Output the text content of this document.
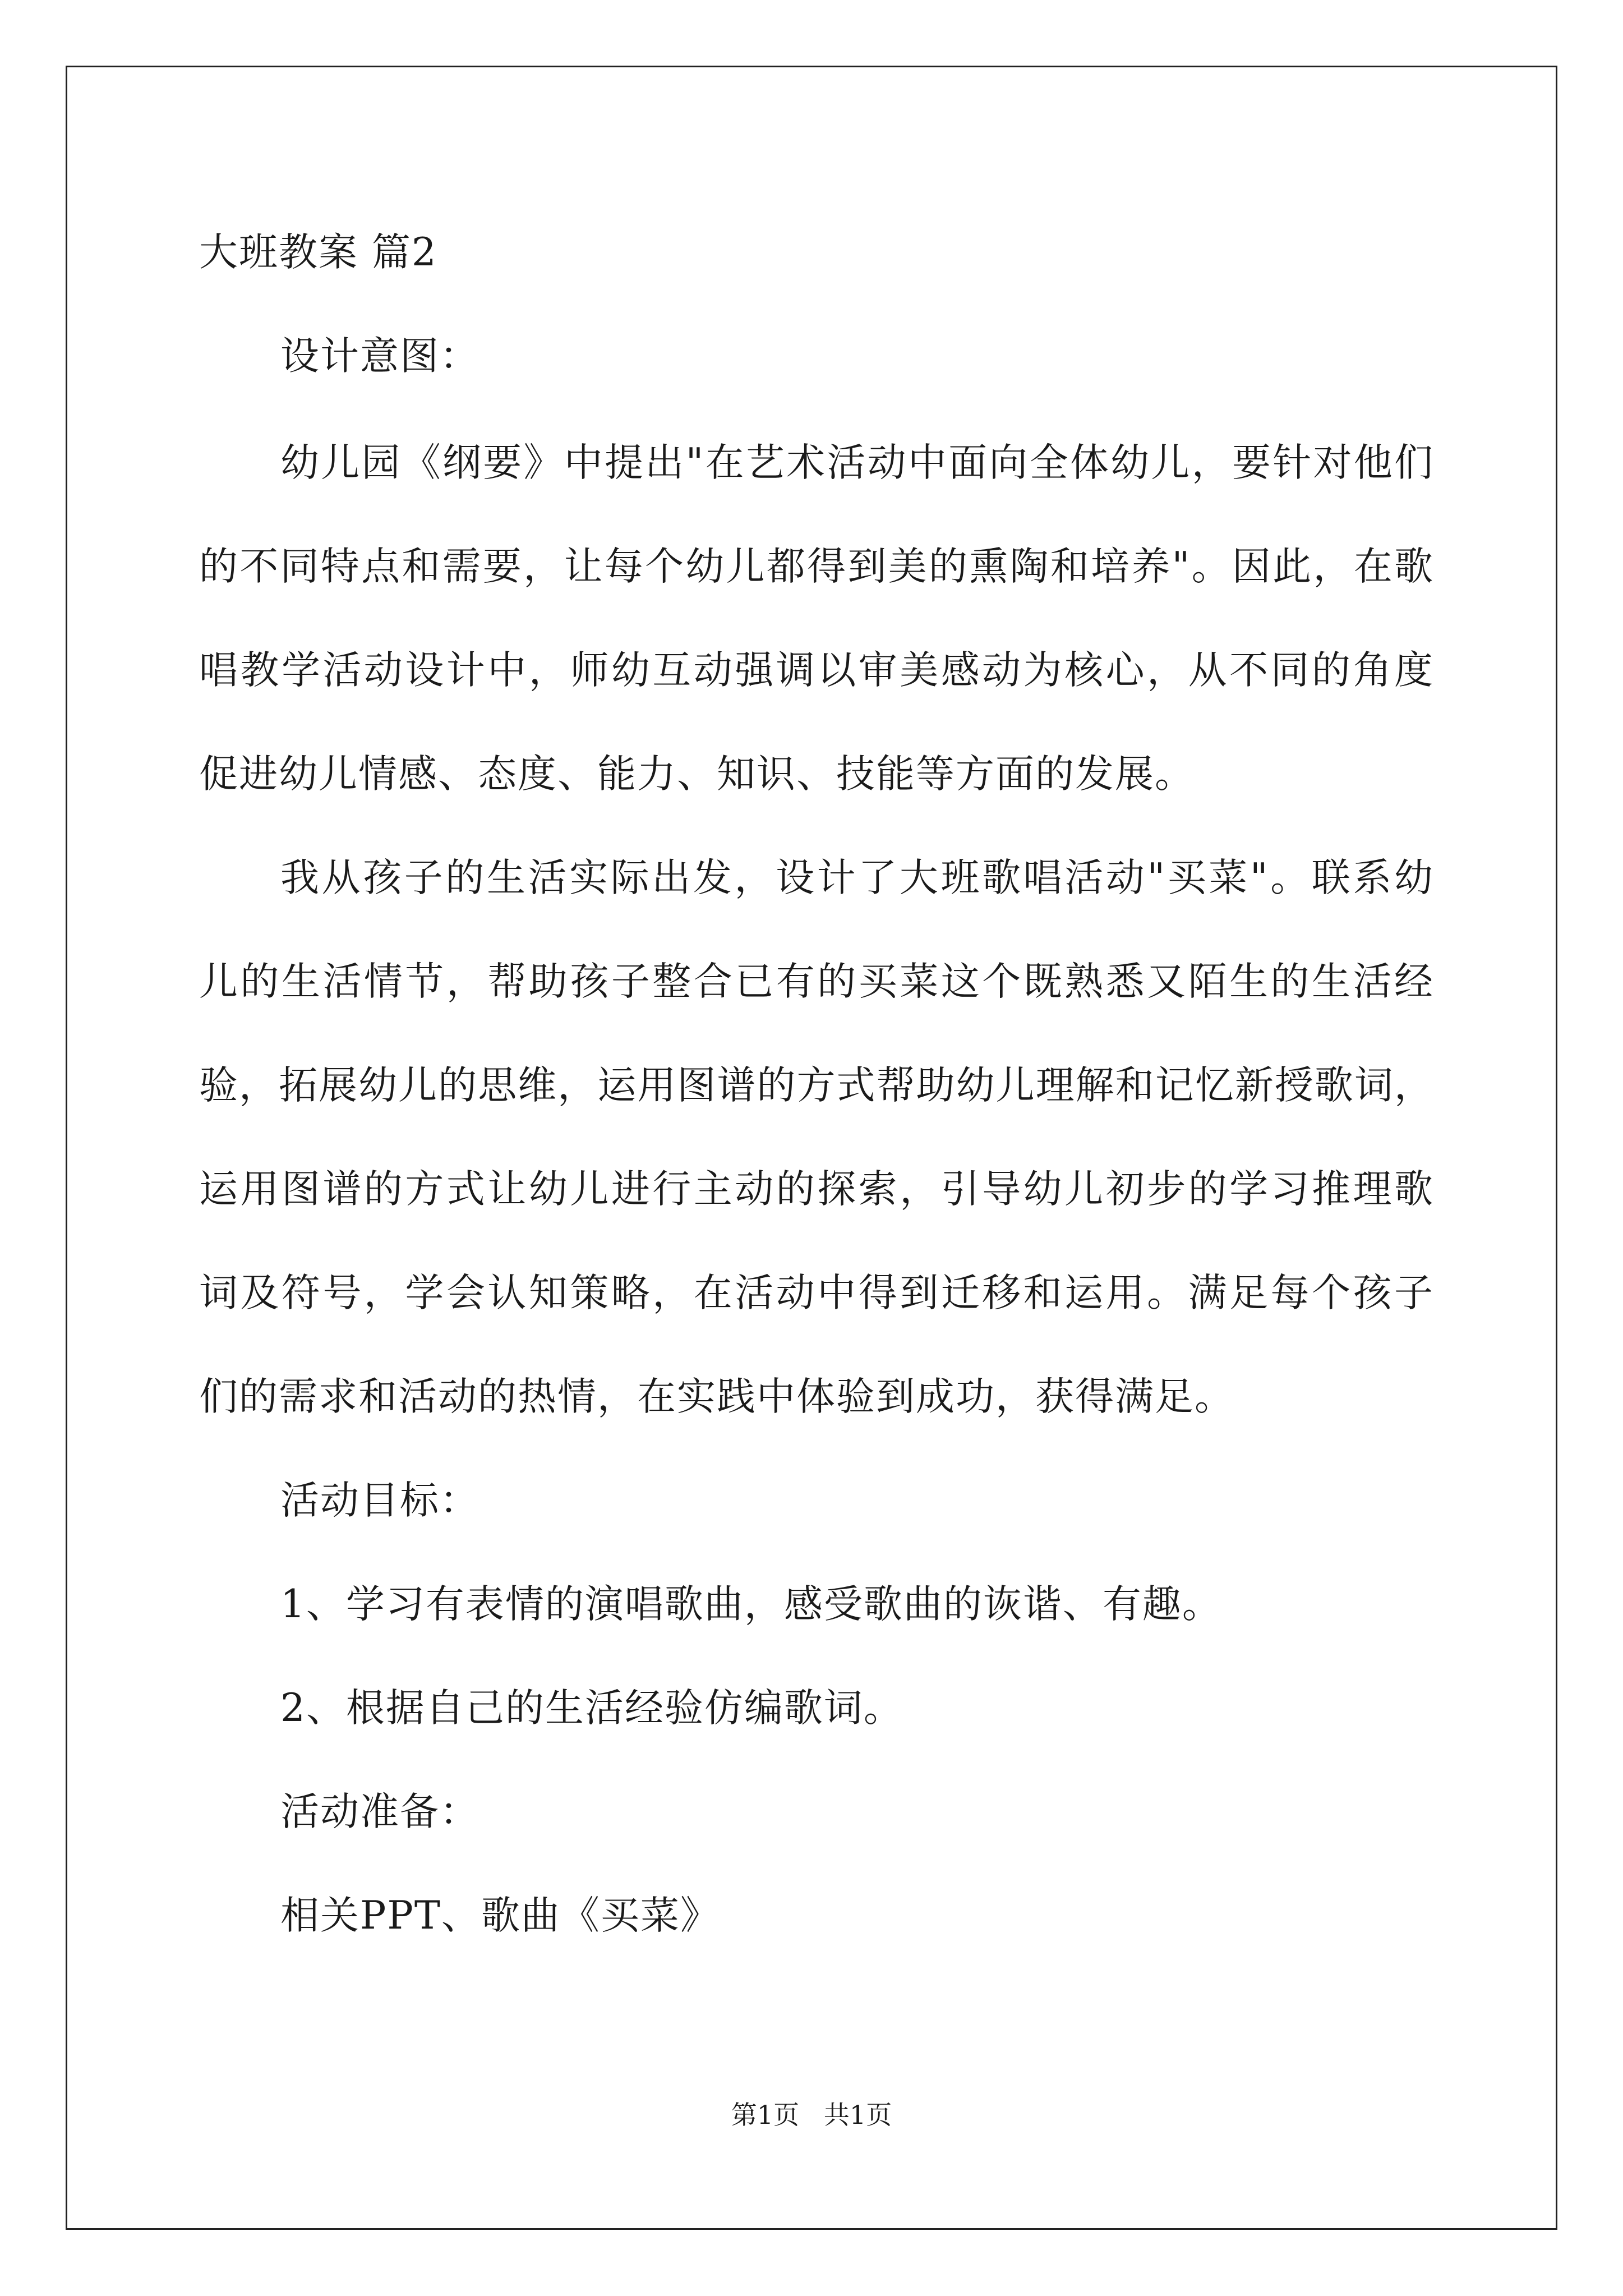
大班教案 篇2
设计意图：
幼儿园《纲要》中提出"在艺术活动中面向全体幼儿，要针对他们
的不同特点和需要，让每个幼儿都得到美的熏陶和培养"。因此，在歌
唱教学活动设计中，师幼互动强调以审美感动为核心，从不同的角度
促进幼儿情感、态度、能力、知识、技能等方面的发展。
我从孩子的生活实际出发，设计了大班歌唱活动"买菜"。联系幼
儿的生活情节，帮助孩子整合已有的买菜这个既熟悉又陌生的生活经
验，拓展幼儿的思维，运用图谱的方式帮助幼儿理解和记忆新授歌词，
运用图谱的方式让幼儿进行主动的探索，引导幼儿初步的学习推理歌
词及符号，学会认知策略，在活动中得到迁移和运用。满足每个孩子
们的需求和活动的热情，在实践中体验到成功，获得满足。
活动目标：
1、学习有表情的演唱歌曲，感受歌曲的诙谐、有趣。
2、根据自己的生活经验仿编歌词。
活动准备：
相关PPT、歌曲《买菜》
第1页   共1页
